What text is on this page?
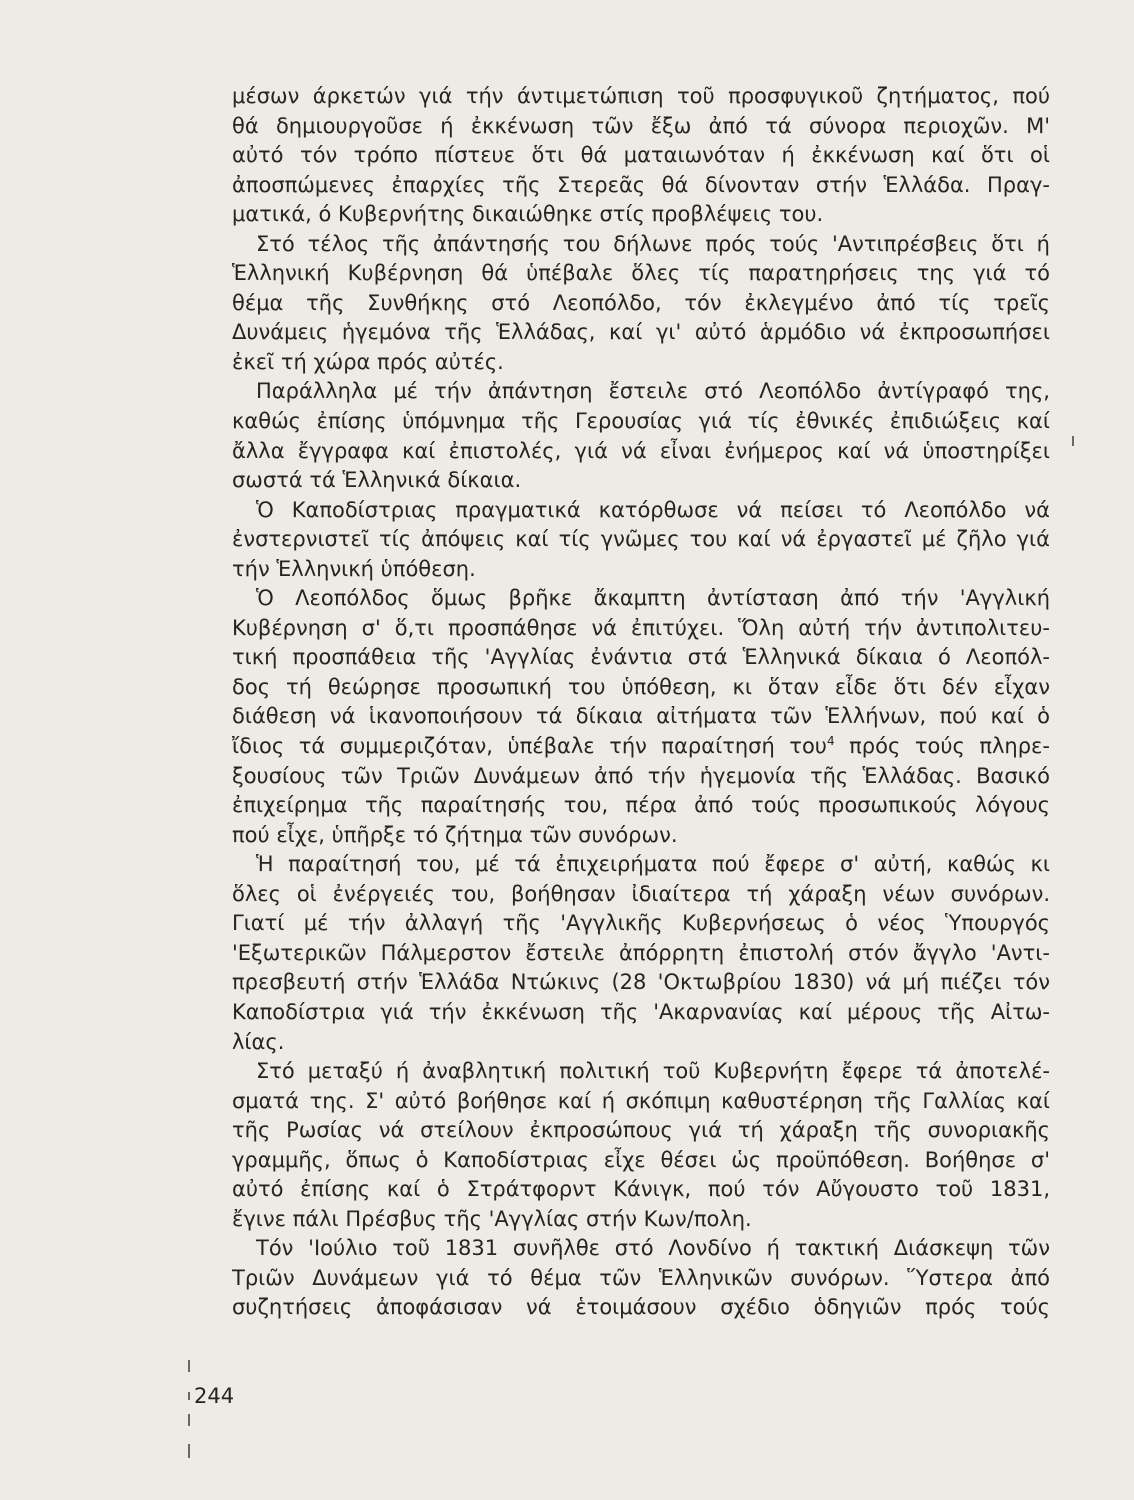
μέσων άρκετών γιά τήν άντιμετώπιση τοῦ προσφυγικοῦ ζητήματος, πού
θά δημιουργοῦσε ή ἐκκένωση τῶν ἔξω ἀπό τά σύνορα περιοχῶν. Μ'
αὐτό τόν τρόπο πίστευε ὅτι θά ματαιωνόταν ή ἐκκένωση καί ὅτι οἱ
ἀποσπώμενες ἐπαρχίες τῆς Στερεᾶς θά δίνονταν στήν Ἑλλάδα. Πραγ-
ματικά, ό Κυβερνήτης δικαιώθηκε στίς προβλέψεις του.
Στό τέλος τῆς ἀπάντησής του δήλωνε πρός τούς 'Αντιπρέσβεις ὅτι ή
Ἑλληνική Κυβέρνηση θά ὑπέβαλε ὅλες τίς παρατηρήσεις της γιά τό
θέμα τῆς Συνθήκης στό Λεοπόλδο, τόν ἐκλεγμένο ἀπό τίς τρεῖς
Δυνάμεις ἡγεμόνα τῆς Ἑλλάδας, καί γι' αὐτό ἁρμόδιο νά ἐκπροσωπήσει
ἐκεῖ τή χώρα πρός αὐτές.
Παράλληλα μέ τήν ἀπάντηση ἔστειλε στό Λεοπόλδο ἀντίγραφό της,
καθώς ἐπίσης ὑπόμνημα τῆς Γερουσίας γιά τίς ἐθνικές ἐπιδιώξεις καί
ἄλλα ἔγγραφα καί ἐπιστολές, γιά νά εἶναι ἐνήμερος καί νά ὑποστηρίξει
σωστά τά Ἑλληνικά δίκαια.
Ὁ Καποδίστριας πραγματικά κατόρθωσε νά πείσει τό Λεοπόλδο νά
ἐνστερνιστεῖ τίς ἀπόψεις καί τίς γνῶμες του καί νά ἐργαστεῖ μέ ζῆλο γιά
τήν Ἑλληνική ὑπόθεση.
Ὁ Λεοπόλδος ὅμως βρῆκε ἄκαμπτη ἀντίσταση ἀπό τήν 'Αγγλική
Κυβέρνηση σ' ὅ,τι προσπάθησε νά ἐπιτύχει. Ὅλη αὐτή τήν ἀντιπολιτευ-
τική προσπάθεια τῆς 'Αγγλίας ἐνάντια στά Ἑλληνικά δίκαια ό Λεοπόλ-
δος τή θεώρησε προσωπική του ὑπόθεση, κι ὅταν εἶδε ὅτι δέν εἶχαν
διάθεση νά ἱκανοποιήσουν τά δίκαια αἰτήματα τῶν Ἑλλήνων, πού καί ὁ
ἴδιος τά συμμεριζόταν, ὑπέβαλε τήν παραίτησή του$^4$ πρός τούς πληρε-
ξουσίους τῶν Τριῶν Δυνάμεων ἀπό τήν ἡγεμονία τῆς Ἑλλάδας. Βασικό
ἐπιχείρημα τῆς παραίτησής του, πέρα ἀπό τούς προσωπικούς λόγους
πού εἶχε, ὑπῆρξε τό ζήτημα τῶν συνόρων.
Ἡ παραίτησή του, μέ τά ἐπιχειρήματα πού ἔφερε σ' αὐτή, καθώς κι
ὅλες οἱ ἐνέργειές του, βοήθησαν ἰδιαίτερα τή χάραξη νέων συνόρων.
Γιατί μέ τήν ἀλλαγή τῆς 'Αγγλικῆς Κυβερνήσεως ὁ νέος Ὑπουργός
'Εξωτερικῶν Πάλμερστον ἔστειλε ἀπόρρητη ἐπιστολή στόν ἄγγλο 'Αντι-
πρεσβευτή στήν Ἑλλάδα Ντώκινς (28 'Οκτωβρίου 1830) νά μή πιέζει τόν
Καποδίστρια γιά τήν ἐκκένωση τῆς 'Ακαρνανίας καί μέρους τῆς Αἰτω-
λίας.
Στό μεταξύ ή ἀναβλητική πολιτική τοῦ Κυβερνήτη ἔφερε τά ἀποτελέ-
σματά της. Σ' αὐτό βοήθησε καί ή σκόπιμη καθυστέρηση τῆς Γαλλίας καί
τῆς Ρωσίας νά στείλουν ἐκπροσώπους γιά τή χάραξη τῆς συνοριακῆς
γραμμῆς, ὅπως ὁ Καποδίστριας εἶχε θέσει ὡς προϋπόθεση. Βοήθησε σ'
αὐτό ἐπίσης καί ὁ Στράτφορντ Κάνιγκ, πού τόν Αὔγουστο τοῦ 1831,
ἔγινε πάλι Πρέσβυς τῆς 'Αγγλίας στήν Κων/πολη.
Τόν 'Ιούλιο τοῦ 1831 συνῆλθε στό Λονδίνο ή τακτική Διάσκεψη τῶν
Τριῶν Δυνάμεων γιά τό θέμα τῶν Ἑλληνικῶν συνόρων. Ὕστερα ἀπό
συζητήσεις ἀποφάσισαν νά ἑτοιμάσουν σχέδιο ὁδηγιῶν πρός τούς
244
